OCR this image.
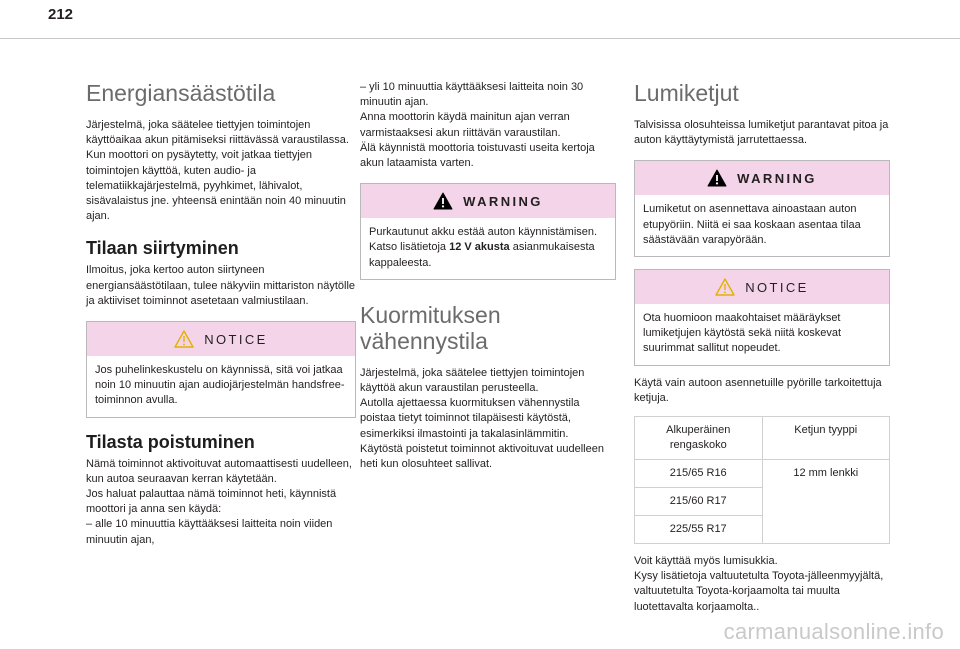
212
Energiansäästötila

Järjestelmä, joka säätelee tiettyjen toimintojen käyttöaikaa akun pitämiseksi riittävässä varaustilassa.
Kun moottori on pysäytetty, voit jatkaa tiettyjen toimintojen käyttöä, kuten audio- ja telematiikkajärjestelmä, pyyhkimet, lähivalot, sisävalaistus jne. yhteensä enintään noin 40 minuutin ajan.

Tilaan siirtyminen

Ilmoitus, joka kertoo auton siirtyneen energiansäästötilaan, tulee näkyviin mittariston näytölle ja aktiiviset toiminnot asetetaan valmiustilaan.

NOTICE
Jos puhelinkeskustelu on käynnissä, sitä voi jatkaa noin 10 minuutin ajan audiojärjestelmän handsfree-toiminnon avulla.
Tilasta poistuminen

Nämä toiminnot aktivoituvat automaattisesti uudelleen, kun autoa seuraavan kerran käytetään.
Jos haluat palauttaa nämä toiminnot heti, käynnistä moottori ja anna sen käydä:
– alle 10 minuuttia käyttääksesi laitteita noin viiden minuutin ajan,

– yli 10 minuuttia käyttääksesi laitteita noin 30 minuutin ajan.
Anna moottorin käydä mainitun ajan verran varmistaaksesi akun riittävän varaustilan.
Älä käynnistä moottoria toistuvasti useita kertoja akun lataamista varten.

WARNING
Purkautunut akku estää auton käynnistämisen.
Katso lisätietoja 12 V akusta asianmukaisesta kappaleesta.
Kuormituksen vähennystila

Järjestelmä, joka säätelee tiettyjen toimintojen käyttöä akun varaustilan perusteella.
Autolla ajettaessa kuormituksen vähennystila poistaa tietyt toiminnot tilapäisesti käytöstä, esimerkiksi ilmastointi ja takalasinlämmitin.
Käytöstä poistetut toiminnot aktivoituvat uudelleen heti kun olosuhteet sallivat.

Lumiketjut

Talvisissa olosuhteissa lumiketjut parantavat pitoa ja auton käyttäytymistä jarrutettaessa.

WARNING
Lumiketut on asennettava ainoastaan auton etupyöriin. Niitä ei saa koskaan asentaa tilaa säästävään varapyörään.
NOTICE
Ota huomioon maakohtaiset määräykset lumiketjujen käytöstä sekä niitä koskevat suurimmat sallitut nopeudet.

Käytä vain autoon asennetuille pyörille tarkoitettuja ketjuja.

Alkuperäinen rengaskoko	Ketjun tyyppi
215/65 R16	12 mm lenkki
215/60 R17	
225/55 R17	

Voit käyttää myös lumisukkia.
Kysy lisätietoja valtuutetulta Toyota-jälleenmyyjältä, valtuutetulta Toyota-korjaamolta tai muulta luotettavalta korjaamolta..

carmanualsonline.info
